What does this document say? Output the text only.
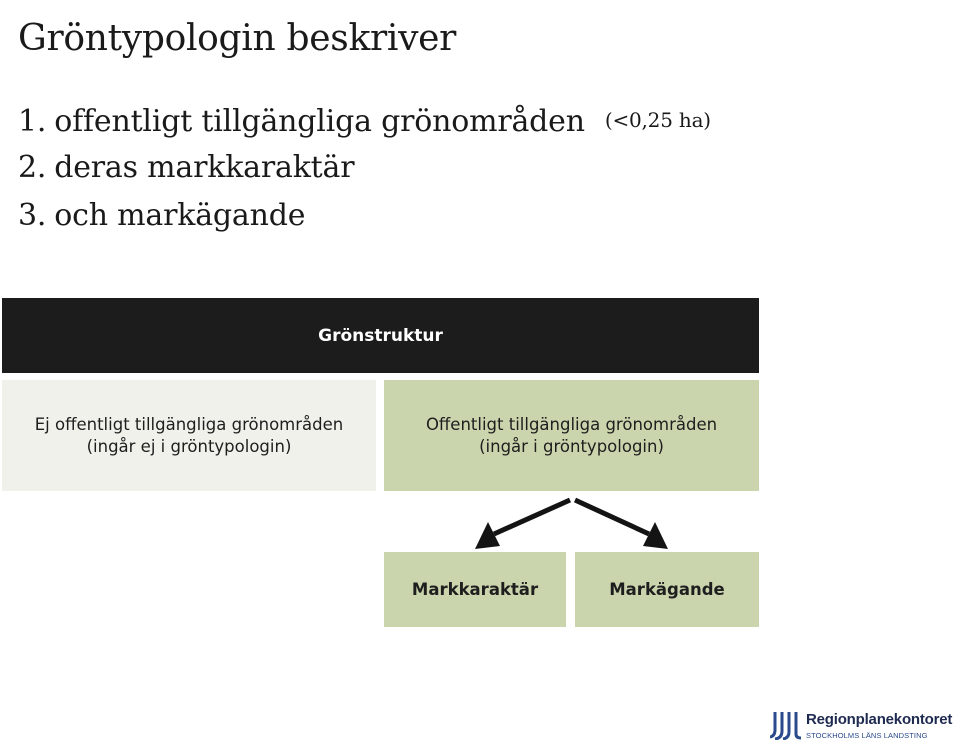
Gröntypologin beskriver
1. offentligt tillgängliga grönområden (<0,25 ha)
2. deras markkaraktär
3. och markägande
Grönstruktur
Ej offentligt tillgängliga grönområden
(ingår ej i gröntypologin)
Offentligt tillgängliga grönområden
(ingår i gröntypologin)
Markkaraktär	Markägande
Regionplanekontoret
STOCKHOLMS LÄNS LANDSTING
